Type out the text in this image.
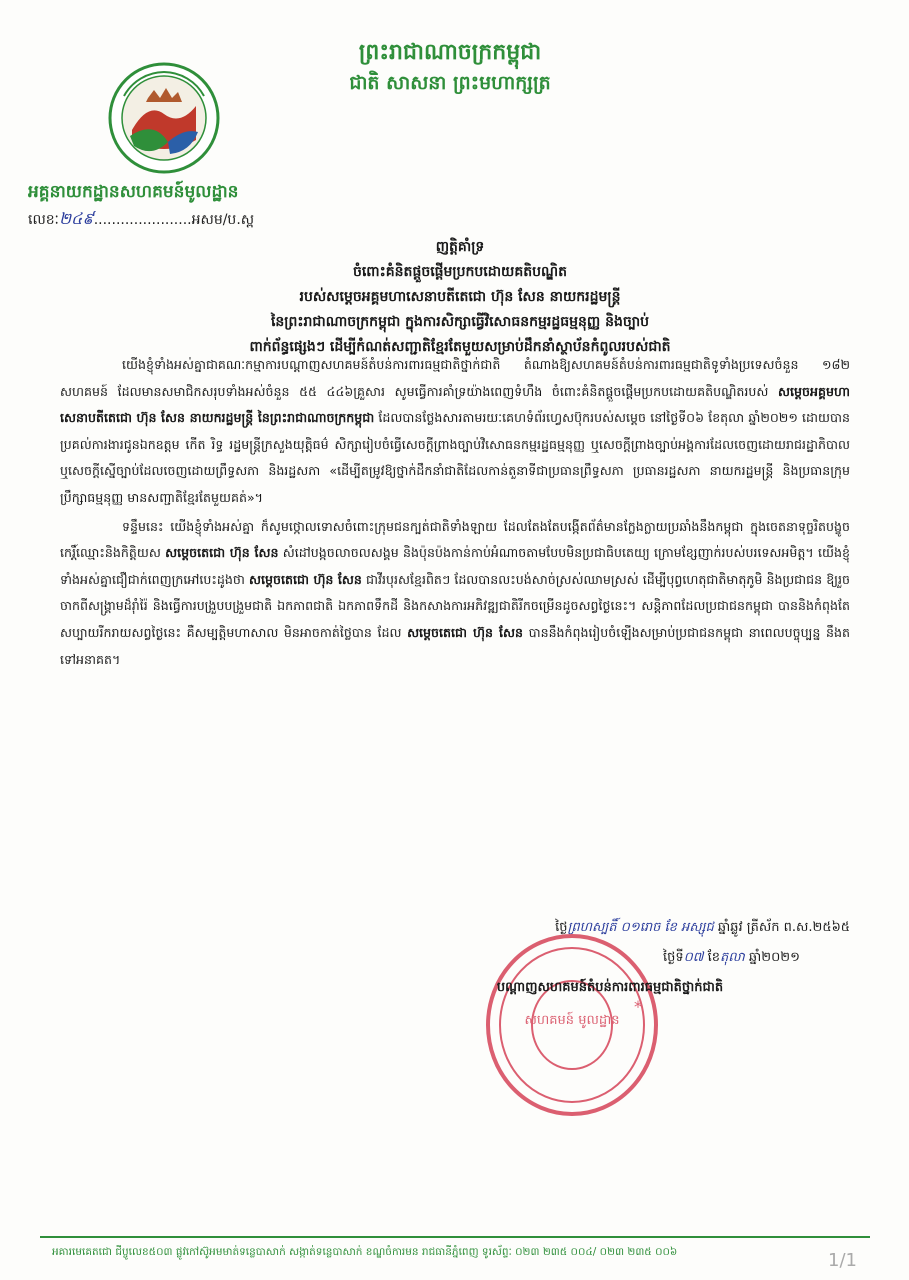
ព្រះរាជាណាចក្រកម្ពុជា
ជាតិ សាសនា ព្រះមហាក្សត្រ
អគ្គនាយកដ្ឋានសហគមន៍មូលដ្ឋាន
លេខៈ២៤៩......................អសម/ប.ស្ព
ញត្តិគាំទ្រ
ចំពោះគំនិតផ្តួចផ្តើមប្រកបដោយគតិបណ្ឌិត
របស់សម្តេចអគ្គមហាសេនាបតីតេជោ ហ៊ុន សែន នាយករដ្ឋមន្ត្រី
នៃព្រះរាជាណាចក្រកម្ពុជា ក្នុងការសិក្សាធ្វើវិសោធនកម្មរដ្ឋធម្មនុញ្ញ និងច្បាប់
ពាក់ព័ន្ធផ្សេងៗ ដើម្បីកំណត់សញ្ជាតិខ្មែរតែមួយសម្រាប់ដឹកនាំស្ថាប័នកំពូលរបស់ជាតិ

យើងខ្ញុំទាំងអស់គ្នាជាគណៈកម្មាការបណ្តាញសហគមន៍តំបន់ការពារធម្មជាតិថ្នាក់ជាតិ តំណាងឱ្យសហគមន៍តំបន់ការពារធម្មជាតិទូទាំងប្រទេសចំនួន ១៨២ សហគមន៍ ដែលមានសមាជិកសរុបទាំងអស់ចំនួន ៥៥ ៤៤៦គ្រួសារ សូមធ្វើការគាំទ្រយ៉ាងពេញទំហឹង ចំពោះគំនិតផ្តួចផ្តើមប្រកបដោយគតិបណ្ឌិតរបស់ សម្តេចអគ្គមហាសេនាបតីតេជោ ហ៊ុន សែន នាយករដ្ឋមន្ត្រី នៃព្រះរាជាណាចក្រកម្ពុជា ដែលបានថ្លែងសារតាមរយៈគេហទំព័រហ្វេសប៊ុករបស់សម្តេច នៅថ្ងៃទី០៦ ខែតុលា ឆ្នាំ២០២១ ដោយបានប្រគល់ការងារជូនឯកឧត្តម កើត រិទ្ធ រដ្ឋមន្ត្រីក្រសួងយុត្តិធម៌ សិក្សារៀបចំធ្វើសេចក្តីព្រាងច្បាប់វិសោធនកម្មរដ្ឋធម្មនុញ្ញ ឬសេចក្តីព្រាងច្បាប់អង្គការដែលចេញដោយរាជរដ្ឋាភិបាល ឬសេចក្តីស្នើច្បាប់ដែលចេញដោយព្រឹទ្ធសភា និងរដ្ឋសភា «ដើម្បីតម្រូវឱ្យថ្នាក់ដឹកនាំជាតិដែលកាន់តួនាទីជាប្រធានព្រឹទ្ធសភា ប្រធានរដ្ឋសភា នាយករដ្ឋមន្ត្រី និងប្រធានក្រុមប្រឹក្សាធម្មនុញ្ញ មានសញ្ជាតិខ្មែរតែមួយគត់»។

ទន្ទឹមនេះ យើងខ្ញុំទាំងអស់គ្នា ក៏សូមថ្កោលទោសចំពោះក្រុមជនក្បត់ជាតិទាំងឡាយ ដែលតែងតែបង្កើតព័ត៌មានក្លែងក្លាយប្រឆាំងនឹងកម្ពុជា ក្នុងចេតនាទុច្ចរិតបង្ខូចកេរ្តិ៍ឈ្មោះនិងកិត្តិយស សម្តេចតេជោ ហ៊ុន សែន សំដៅបង្កចលាចលសង្គម និងប៉ុនប៉ងកាន់កាប់អំណាចតាមបែបមិនប្រជាធិបតេយ្យ ក្រោមខ្សែញាក់របស់បរទេសអមិត្ត។ យើងខ្ញុំទាំងអស់គ្នាជឿជាក់ពេញក្រអៅបេះដូងថា សម្តេចតេជោ ហ៊ុន សែន ជាវីរបុរសខ្មែរពិតៗ ដែលបានលះបង់សាច់ស្រស់ឈាមស្រស់ ដើម្បីបុព្វហេតុជាតិមាតុភូមិ និងប្រជាជន ឱ្យរួចចាកពីសង្គ្រាមដ៏រ៉ាំរ៉ៃ និងធ្វើការបង្រួបបង្រួមជាតិ ឯកភាពជាតិ ឯកភាពទឹកដី និងកសាងការអភិវឌ្ឍជាតិរីកចម្រើនដូចសព្វថ្ងៃនេះ។ សន្តិភាពដែលប្រជាជនកម្ពុជា បាននិងកំពុងតែសប្បាយរីករាយសព្វថ្ងៃនេះ គឺសម្បត្តិមហាសាល មិនអាចកាត់ថ្លៃបាន ដែល សម្តេចតេជោ ហ៊ុន សែន បាននឹងកំពុងរៀបចំឡើងសម្រាប់ប្រជាជនកម្ពុជា នាពេលបច្ចុប្បន្ន នឹងតទៅអនាគត។

ថ្ងៃព្រហស្បតិ៍ ០១រោច ខែ អស្សុជ ឆ្នាំឆ្លូវ ត្រីស័ក ព.ស.២៥៦៥
ថ្ងៃទី០៧ ខែតុលា ឆ្នាំ២០២១
សហគមន៍ មូលដ្ឋាន
*
បណ្តាញសហគមន៍តំបន់ការពារធម្មជាតិថ្នាក់ជាតិ
អគារមេគេតជោ ជីប្ចូលេខ៥០៣ ផ្លូវកៅស៊ូអមមាត់ទន្លេបាសាក់ សង្កាត់ទន្លេបាសាក់ ខណ្ឌចំការមន រាជធានីភ្នំពេញ ទូរស័ព្ទៈ ០២៣ ២៣៥ ០០៤/ ០២៣ ២៣៥ ០០៦	1/1
